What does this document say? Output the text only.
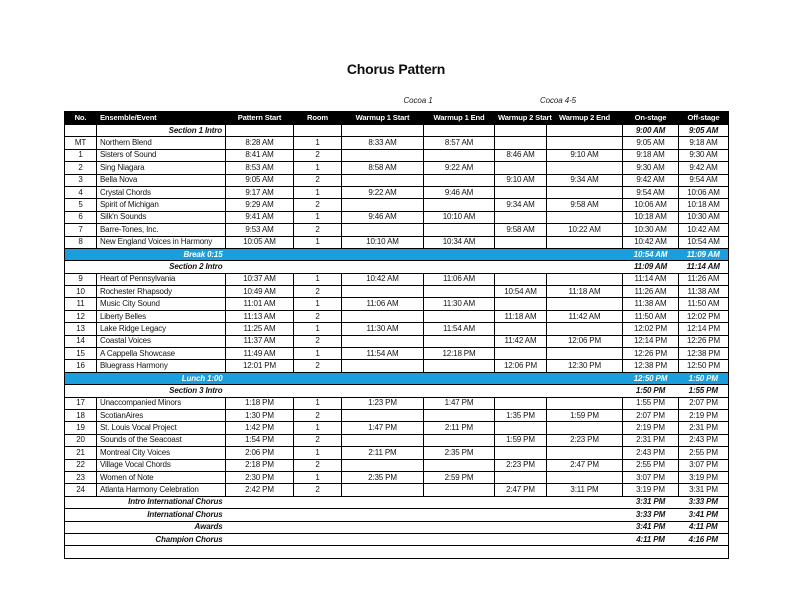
Chorus Pattern
Cocoa 1	Cocoa 4-5
No.	Ensemble/Event	Pattern Start	Room	Warmup 1 Start	Warmup 1 End	Warmup 2 Start	Warmup 2 End	On-stage	Off-stage
	Section 1 Intro							9:00 AM	9:05 AM
MT	Northern Blend	8:28 AM	1	8:33 AM	8:57 AM			9:05 AM	9:18 AM
1	Sisters of Sound	8:41 AM	2			8:46 AM	9:10 AM	9:18 AM	9:30 AM
2	Sing Niagara	8:53 AM	1	8:58 AM	9:22 AM			9:30 AM	9:42 AM
3	Bella Nova	9:05 AM	2			9:10 AM	9:34 AM	9:42 AM	9:54 AM
4	Crystal Chords	9:17 AM	1	9:22 AM	9:46 AM			9:54 AM	10:06 AM
5	Spirit of Michigan	9:29 AM	2			9:34 AM	9:58 AM	10:06 AM	10:18 AM
6	Silk'n Sounds	9:41 AM	1	9:46 AM	10:10 AM			10:18 AM	10:30 AM
7	Barre-Tones, Inc.	9:53 AM	2			9:58 AM	10:22 AM	10:30 AM	10:42 AM
8	New England Voices in Harmony	10:05 AM	1	10:10 AM	10:34 AM			10:42 AM	10:54 AM
Break 0:15								10:54 AM	11:09 AM
Section 2 Intro								11:09 AM	11:14 AM
9	Heart of Pennsylvania	10:37 AM	1	10:42 AM	11:06 AM			11:14 AM	11:26 AM
10	Rochester Rhapsody	10:49 AM	2			10:54 AM	11:18 AM	11:26 AM	11:38 AM
11	Music City Sound	11:01 AM	1	11:06 AM	11:30 AM			11:38 AM	11:50 AM
12	Liberty Belles	11:13 AM	2			11:18 AM	11:42 AM	11:50 AM	12:02 PM
13	Lake Ridge Legacy	11:25 AM	1	11:30 AM	11:54 AM			12:02 PM	12:14 PM
14	Coastal Voices	11:37 AM	2			11:42 AM	12:06 PM	12:14 PM	12:26 PM
15	A Cappella Showcase	11:49 AM	1	11:54 AM	12:18 PM			12:26 PM	12:38 PM
16	Bluegrass Harmony	12:01 PM	2			12:06 PM	12:30 PM	12:38 PM	12:50 PM
Lunch 1:00								12:50 PM	1:50 PM
Section 3 Intro								1:50 PM	1:55 PM
17	Unaccompanied Minors	1:18 PM	1	1:23 PM	1:47 PM			1:55 PM	2:07 PM
18	ScotianAires	1:30 PM	2			1:35 PM	1:59 PM	2:07 PM	2:19 PM
19	St. Louis Vocal Project	1:42 PM	1	1:47 PM	2:11 PM			2:19 PM	2:31 PM
20	Sounds of the Seacoast	1:54 PM	2			1:59 PM	2:23 PM	2:31 PM	2:43 PM
21	Montreal City Voices	2:06 PM	1	2:11 PM	2:35 PM			2:43 PM	2:55 PM
22	Village Vocal Chords	2:18 PM	2			2:23 PM	2:47 PM	2:55 PM	3:07 PM
23	Women of Note	2:30 PM	1	2:35 PM	2:59 PM			3:07 PM	3:19 PM
24	Atlanta Harmony Celebration	2:42 PM	2			2:47 PM	3:11 PM	3:19 PM	3:31 PM
Intro International Chorus								3:31 PM	3:33 PM
International Chorus								3:33 PM	3:41 PM
Awards								3:41 PM	4:11 PM
Champion Chorus								4:11 PM	4:16 PM
